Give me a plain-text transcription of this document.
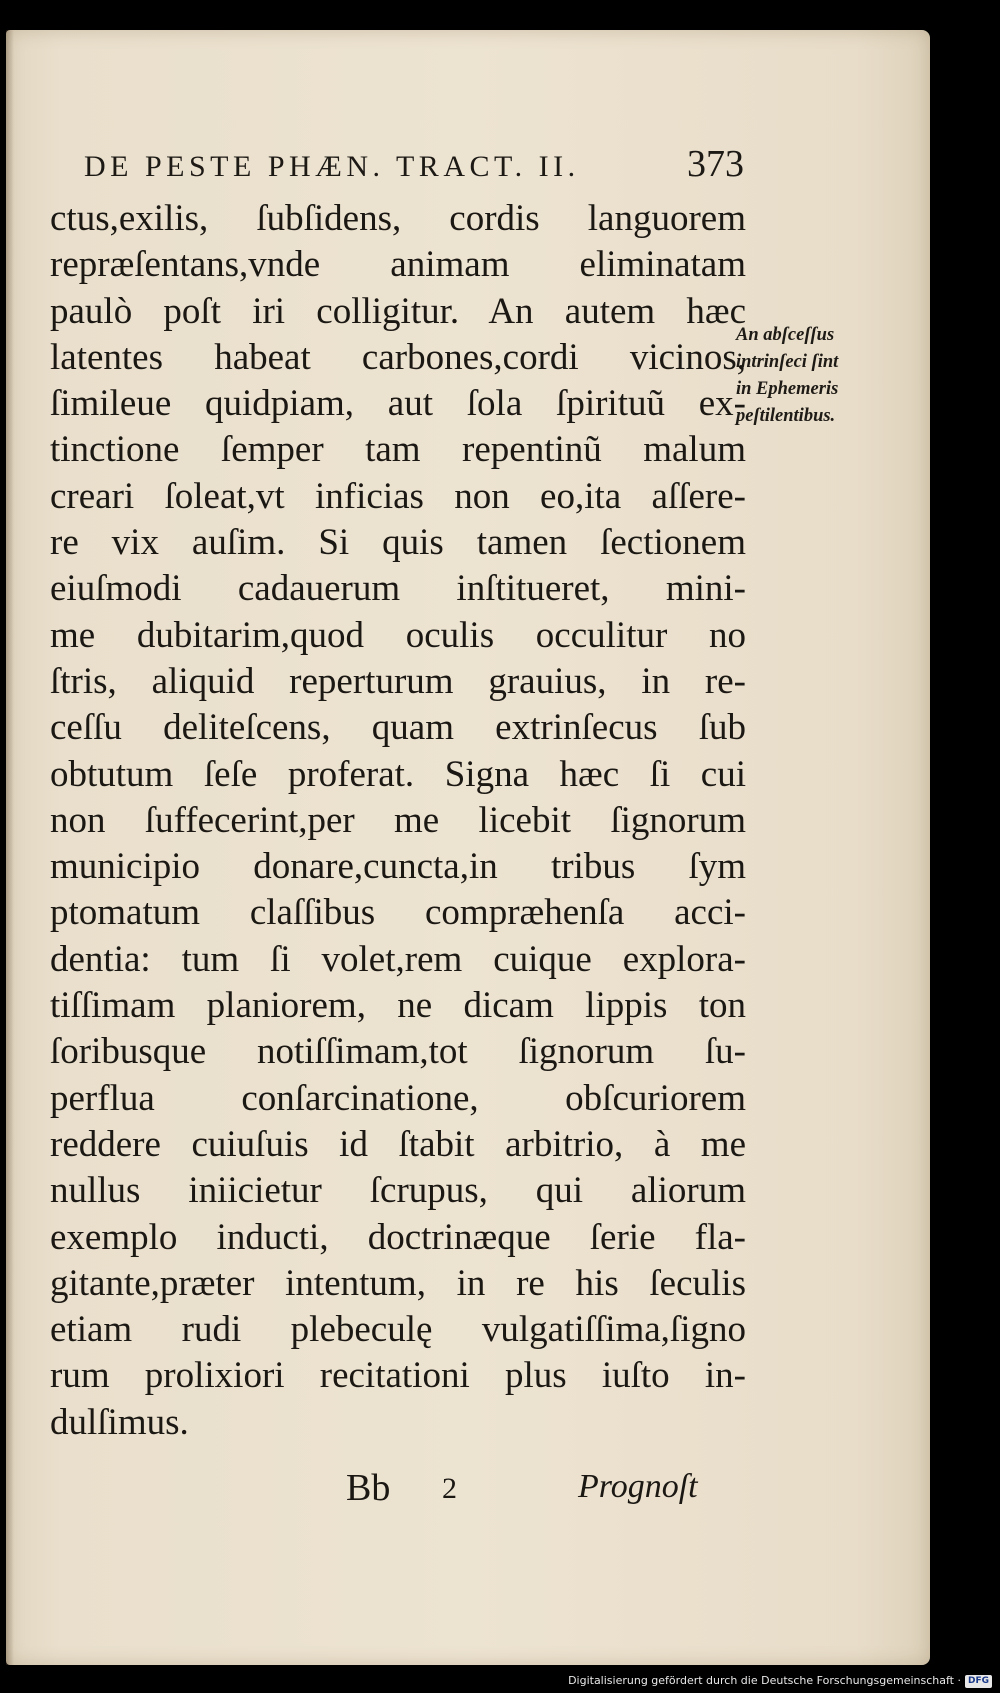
DE PESTE PHÆN. TRACT. II.	373
ctus,exilis, ſubſidens, cordis languorem
repræſentans,vnde animam eliminatam
paulò poſt iri colligitur. An autem hæc
latentes habeat carbones,cordi vicinos,
ſimileue quidpiam, aut ſola ſpirituũ ex-
tinctione ſemper tam repentinũ malum
creari ſoleat,vt inficias non eo,ita aſſere-
re vix auſim. Si quis tamen ſectionem
eiuſmodi cadauerum inſtitueret, mini-
me dubitarim,quod oculis occulitur no
ſtris, aliquid reperturum grauius, in re-
ceſſu deliteſcens, quam extrinſecus ſub
obtutum ſeſe proferat. Signa hæc ſi cui
non ſuffecerint,per me licebit ſignorum
municipio donare,cuncta,in tribus ſym
ptomatum claſſibus compræhenſa acci-
dentia: tum ſi volet,rem cuique explora-
tiſſimam planiorem, ne dicam lippis ton
ſoribusque notiſſimam,tot ſignorum ſu-
perflua conſarcinatione, obſcuriorem
reddere cuiuſuis id ſtabit arbitrio, à me
nullus iniicietur ſcrupus, qui aliorum
exemplo inducti, doctrinæque ſerie fla-
gitante,præter intentum, in re his ſeculis
etiam rudi plebeculę vulgatiſſima,ſigno
rum prolixiori recitationi plus iuſto in-
dulſimus.
An abſceſſus
intrinſeci ſint
in Ephemeris
peſtilentibus.
Bb 2	Prognoſt
Digitalisierung gefördert durch die Deutsche Forschungsgemeinschaft · DFG
